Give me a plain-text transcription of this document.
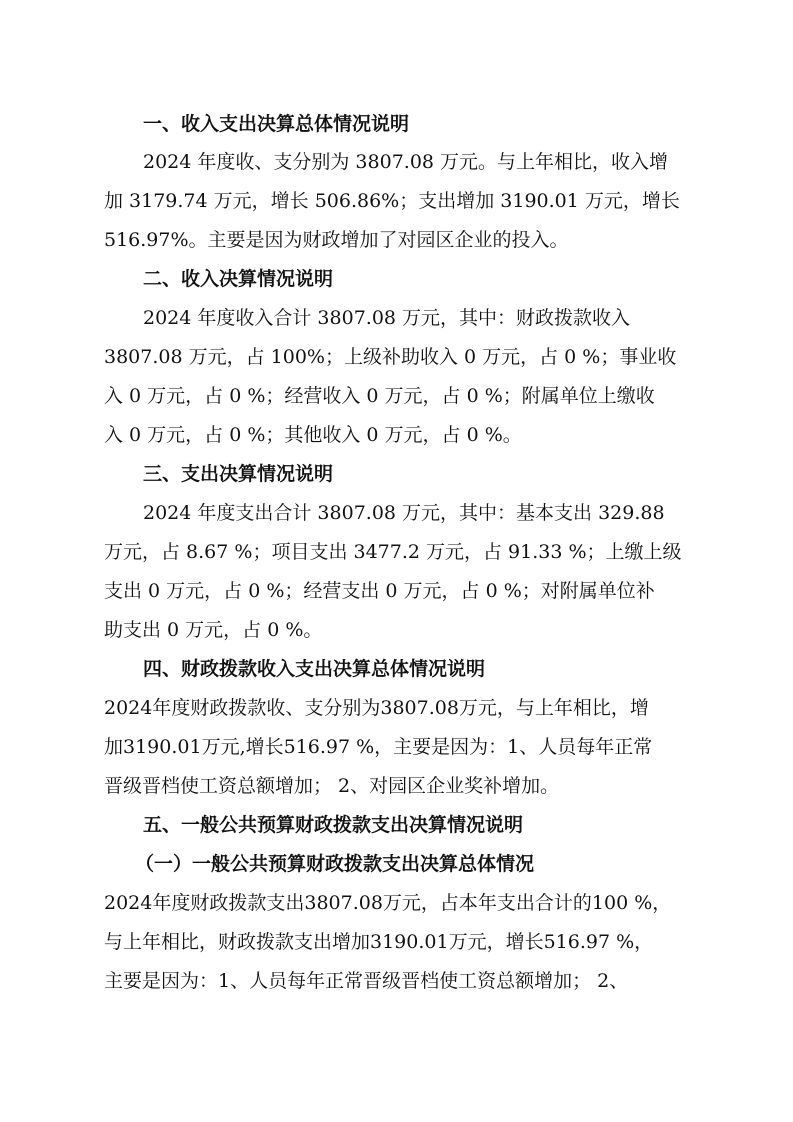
一、收入支出决算总体情况说明
2024 年度收、支分别为 3807.08 万元。与上年相比，收入增
加 3179.74 万元，增长 506.86%；支出增加 3190.01 万元，增长
516.97%。主要是因为财政增加了对园区企业的投入。
二、收入决算情况说明
2024 年度收入合计 3807.08 万元，其中：财政拨款收入
3807.08 万元，占 100%；上级补助收入 0 万元，占 0 %；事业收
入 0 万元，占 0 %；经营收入 0 万元，占 0 %；附属单位上缴收
入 0 万元，占 0 %；其他收入 0 万元，占 0 %。
三、支出决算情况说明
2024 年度支出合计 3807.08 万元，其中：基本支出 329.88
万元，占 8.67 %；项目支出 3477.2 万元，占 91.33 %；上缴上级
支出 0 万元，占 0 %；经营支出 0 万元，占 0 %；对附属单位补
助支出 0 万元，占 0 %。
四、财政拨款收入支出决算总体情况说明
2024年度财政拨款收、支分别为3807.08万元，与上年相比，增
加3190.01万元,增长516.97 %，主要是因为：1、人员每年正常
晋级晋档使工资总额增加； 2、对园区企业奖补增加。
五、一般公共预算财政拨款支出决算情况说明
（一）一般公共预算财政拨款支出决算总体情况
2024年度财政拨款支出3807.08万元，占本年支出合计的100 %，
与上年相比，财政拨款支出增加3190.01万元，增长516.97 %，
主要是因为：1、人员每年正常晋级晋档使工资总额增加； 2、
